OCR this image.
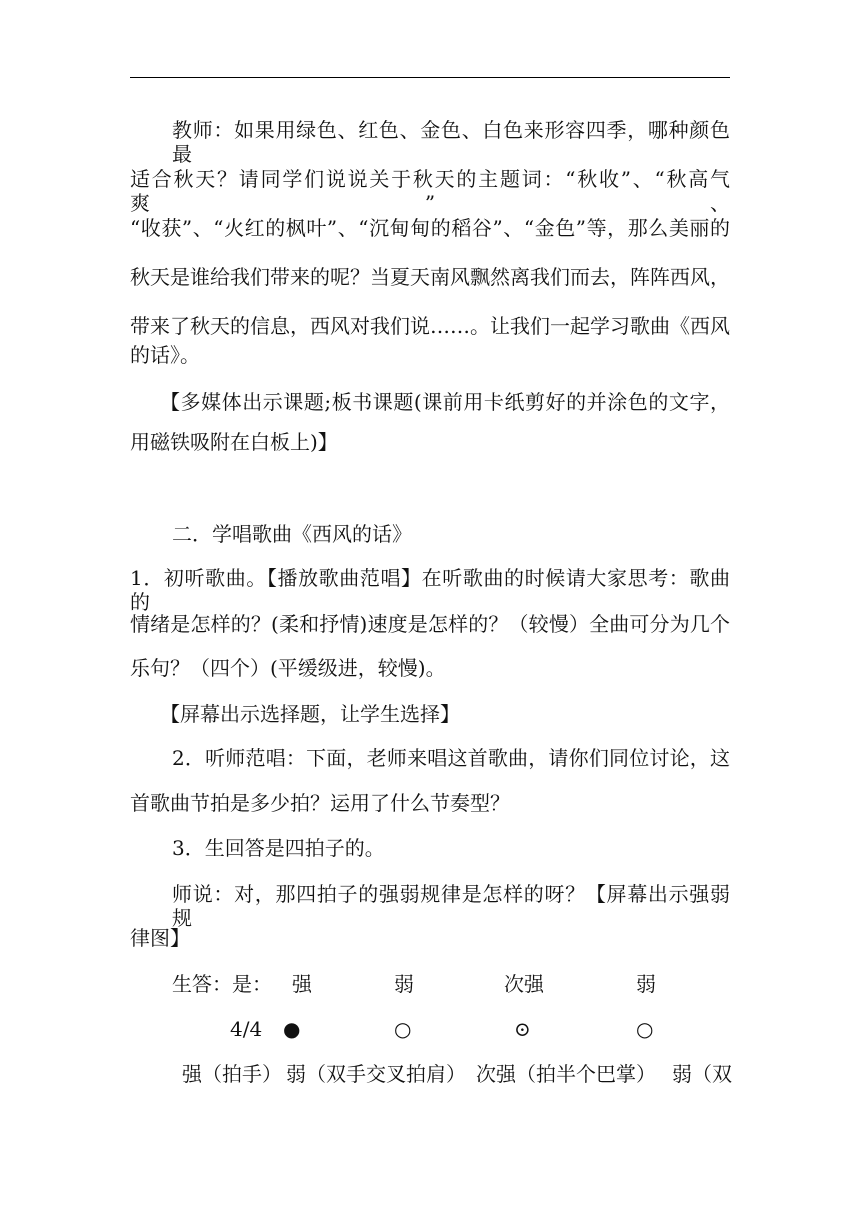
教师：如果用绿色、红色、金色、白色来形容四季，哪种颜色最
适合秋天？请同学们说说关于秋天的主题词：“秋收”、“秋高气爽”、
“收获”、“火红的枫叶”、“沉甸甸的稻谷”、“金色”等，那么美丽的
秋天是谁给我们带来的呢？当夏天南风飘然离我们而去，阵阵西风，
带来了秋天的信息，西风对我们说……。让我们一起学习歌曲《西风
的话》。
【多媒体出示课题;板书课题(课前用卡纸剪好的并涂色的文字，
用磁铁吸附在白板上)】
二．学唱歌曲《西风的话》
1．初听歌曲。【播放歌曲范唱】在听歌曲的时候请大家思考：歌曲的
情绪是怎样的？(柔和抒情)速度是怎样的？（较慢）全曲可分为几个
乐句？（四个）(平缓级进，较慢)。
【屏幕出示选择题，让学生选择】
2．听师范唱：下面，老师来唱这首歌曲，请你们同位讨论，这
首歌曲节拍是多少拍？运用了什么节奏型？
3．生回答是四拍子的。
师说：对，那四拍子的强弱规律是怎样的呀？【屏幕出示强弱规
律图】
生答：是： 强	弱	次强	弱
4/4 ●	○	⊙	○
强（拍手） 弱（双手交叉拍肩） 次强（拍半个巴掌） 弱（双
